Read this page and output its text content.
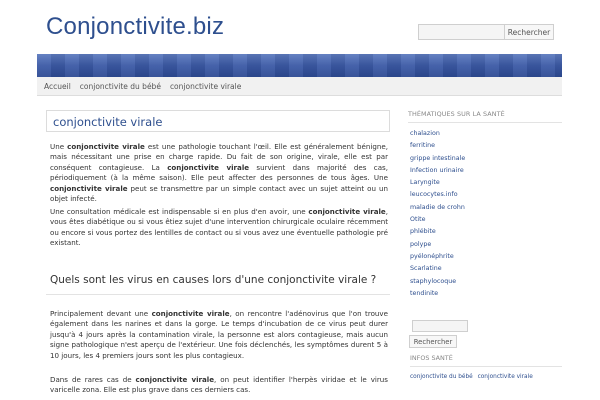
Conjonctivite.biz	Rechercher
Accueil conjonctivite du bébé conjonctivite virale
conjonctivite virale

Une conjonctivite virale est une pathologie touchant l'œil. Elle est généralement bénigne, mais nécessitant une prise en charge rapide. Du fait de son origine, virale, elle est par conséquent contagieuse. La conjonctivite virale survient dans majorité des cas, périodiquement (à la même saison). Elle peut affecter des personnes de tous âges. Une conjonctivite virale peut se transmettre par un simple contact avec un sujet atteint ou un objet infecté.

Une consultation médicale est indispensable si en plus d'en avoir, une conjonctivite virale, vous êtes diabétique ou si vous êtiez sujet d'une intervention chirurgicale oculaire récemment ou encore si vous portez des lentilles de contact ou si vous avez une éventuelle pathologie pré existant.

Quels sont les virus en causes lors d'une conjonctivite virale ?

Principalement devant une conjonctivite virale, on rencontre l'adénovirus que l'on trouve également dans les narines et dans la gorge. Le temps d'incubation de ce virus peut durer jusqu'à 4 jours après la contamination virale, la personne est alors contagieuse, mais aucun signe pathologique n'est aperçu de l'extérieur. Une fois déclenchés, les symptômes durent 5 à 10 jours, les 4 premiers jours sont les plus contagieux.

Dans de rares cas de conjonctivite virale, on peut identifier l'herpès viridae et le virus varicelle zona. Elle est plus grave dans ces derniers cas.

THÉMATIQUES SUR LA SANTÉ
chalazion
ferritine
grippe intestinale
Infection urinaire
Laryngite
leucocytes.info
maladie de crohn
Otite
phlébite
polype
pyélonéphrite
Scarlatine
staphylocoque
tendinite
Rechercher
INFOS SANTÉ
conjonctivite du bébé conjonctivite virale
